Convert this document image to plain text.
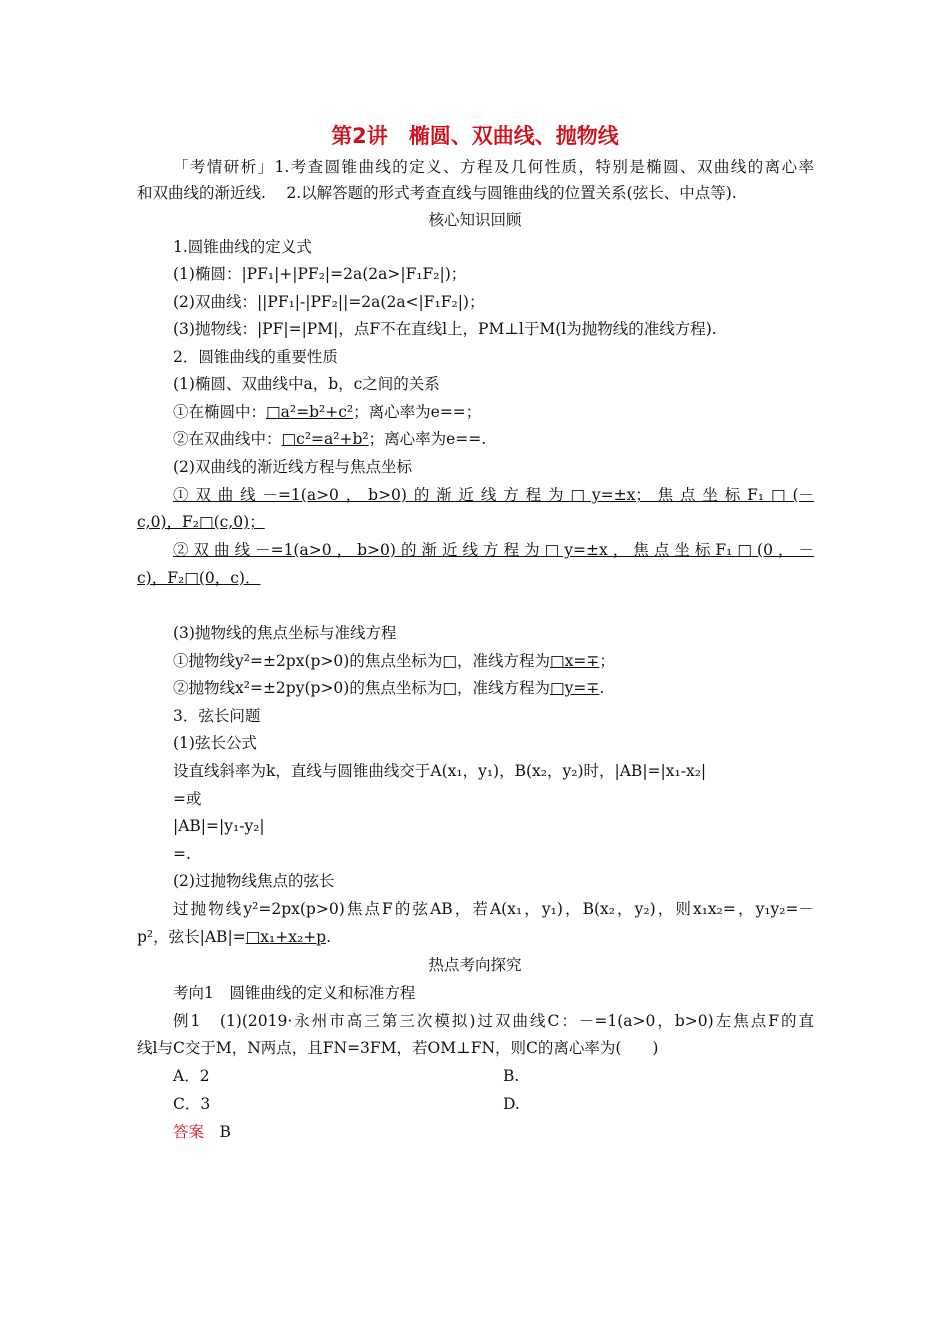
第2讲　椭圆、双曲线、抛物线
「考情研析」1.考查圆锥曲线的定义、方程及几何性质，特别是椭圆、双曲线的离心率
和双曲线的渐近线.　 2.以解答题的形式考查直线与圆锥曲线的位置关系(弦长、中点等).
核心知识回顾
1.圆锥曲线的定义式
(1)椭圆：|PF₁|+|PF₂|=2a(2a>|F₁F₂|)；
(2)双曲线：||PF₁|-|PF₂||=2a(2a<|F₁F₂|)；
(3)抛物线：|PF|=|PM|，点F不在直线l上，PM⊥l于M(l为抛物线的准线方程).
2．圆锥曲线的重要性质
(1)椭圆、双曲线中a，b，c之间的关系
①在椭圆中：□a²=b²+c²；离心率为e==；
②在双曲线中：□c²=a²+b²；离心率为e==.
(2)双曲线的渐近线方程与焦点坐标
①双曲线－=1(a>0，b>0)的渐近线方程为□y=±x；焦点坐标F₁□(－
c,0)，F₂□(c,0)；
②双曲线－=1(a>0，b>0)的渐近线方程为□y=±x，焦点坐标F₁□(0，－
c)，F₂□(0，c)．
(3)抛物线的焦点坐标与准线方程
①抛物线y²=±2px(p>0)的焦点坐标为□，准线方程为□x=∓；
②抛物线x²=±2py(p>0)的焦点坐标为□，准线方程为□y=∓.
3．弦长问题
(1)弦长公式
设直线斜率为k，直线与圆锥曲线交于A(x₁，y₁)，B(x₂，y₂)时，|AB|=|x₁-x₂|
=或
|AB|=|y₁-y₂|
=.
(2)过抛物线焦点的弦长
过抛物线y²=2px(p>0)焦点F的弦AB，若A(x₁，y₁)，B(x₂，y₂)，则x₁x₂=，y₁y₂=－
p²，弦长|AB|=□x₁+x₂+p.
热点考向探究
考向1　圆锥曲线的定义和标准方程
例1　(1)(2019·永州市高三第三次模拟)过双曲线C：－=1(a>0，b>0)左焦点F的直
线l与C交于M，N两点，且FN=3FM，若OM⊥FN，则C的离心率为(　　)
A．2	B.
C．3	D.
答案　 B
